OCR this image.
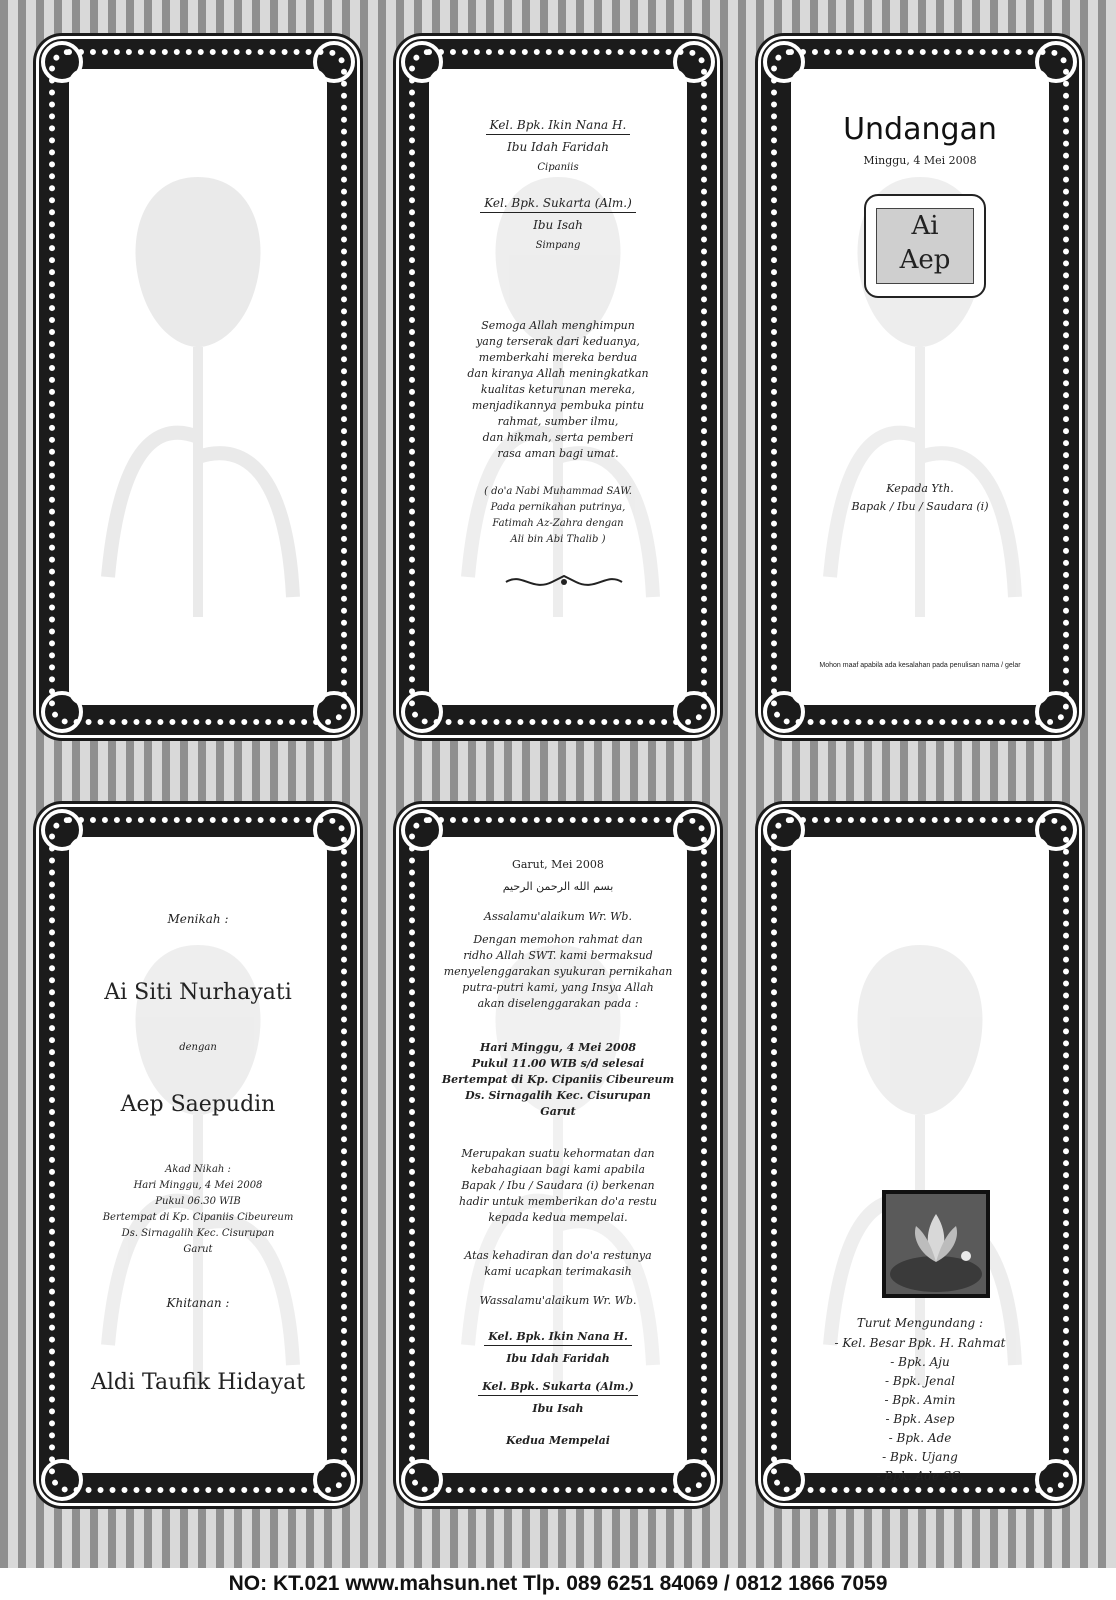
Kel. Bpk. Ikin Nana H.
Ibu Idah Faridah
Cipaniis
Kel. Bpk. Sukarta (Alm.)
Ibu Isah
Simpang

Semoga Allah menghimpun

yang terserak dari keduanya,

memberkahi mereka berdua

dan kiranya Allah meningkatkan

kualitas keturunan mereka,

menjadikannya pembuka pintu

rahmat, sumber ilmu,

dan hikmah, serta pemberi

rasa aman bagi umat.

( do'a Nabi Muhammad SAW.

Pada pernikahan putrinya,

Fatimah Az-Zahra dengan

Ali bin Abi Thalib )

Undangan
Minggu, 4 Mei 2008
Ai
Aep
Kepada Yth.
Bapak / Ibu / Saudara (i)
Mohon maaf apabila ada kesalahan pada penulisan nama / gelar
Menikah :
Ai Siti Nurhayati
dengan
Aep Saepudin

Akad Nikah :

Hari Minggu, 4 Mei 2008

Pukul 06.30 WIB

Bertempat di Kp. Cipaniis Cibeureum

Ds. Sirnagalih Kec. Cisurupan

Garut

Khitanan :
Aldi Taufik Hidayat
Garut, Mei 2008
بسم الله الرحمن الرحيم
Assalamu'alaikum Wr. Wb.

Dengan memohon rahmat dan

ridho Allah SWT. kami bermaksud

menyelenggarakan syukuran pernikahan

putra-putri kami, yang Insya Allah

akan diselenggarakan pada :

Hari Minggu, 4 Mei 2008

Pukul 11.00 WIB s/d selesai

Bertempat di Kp. Cipaniis Cibeureum

Ds. Sirnagalih Kec. Cisurupan

Garut

Merupakan suatu kehormatan dan

kebahagiaan bagi kami apabila

Bapak / Ibu / Saudara (i) berkenan

hadir untuk memberikan do'a restu

kepada kedua mempelai.

Atas kehadiran dan do'a restunya

kami ucapkan terimakasih

Wassalamu'alaikum Wr. Wb.
Kel. Bpk. Ikin Nana H.
Ibu Idah Faridah
Kel. Bpk. Sukarta (Alm.)
Ibu Isah
Kedua Mempelai
Turut Mengundang :

- Kel. Besar Bpk. H. Rahmat

- Bpk. Aju

- Bpk. Jenal

- Bpk. Amin

- Bpk. Asep

- Bpk. Ade

- Bpk. Ujang

- Bpk. Ade SC.

NO: KT.021 www.mahsun.net Tlp. 089 6251 84069 / 0812 1866 7059
